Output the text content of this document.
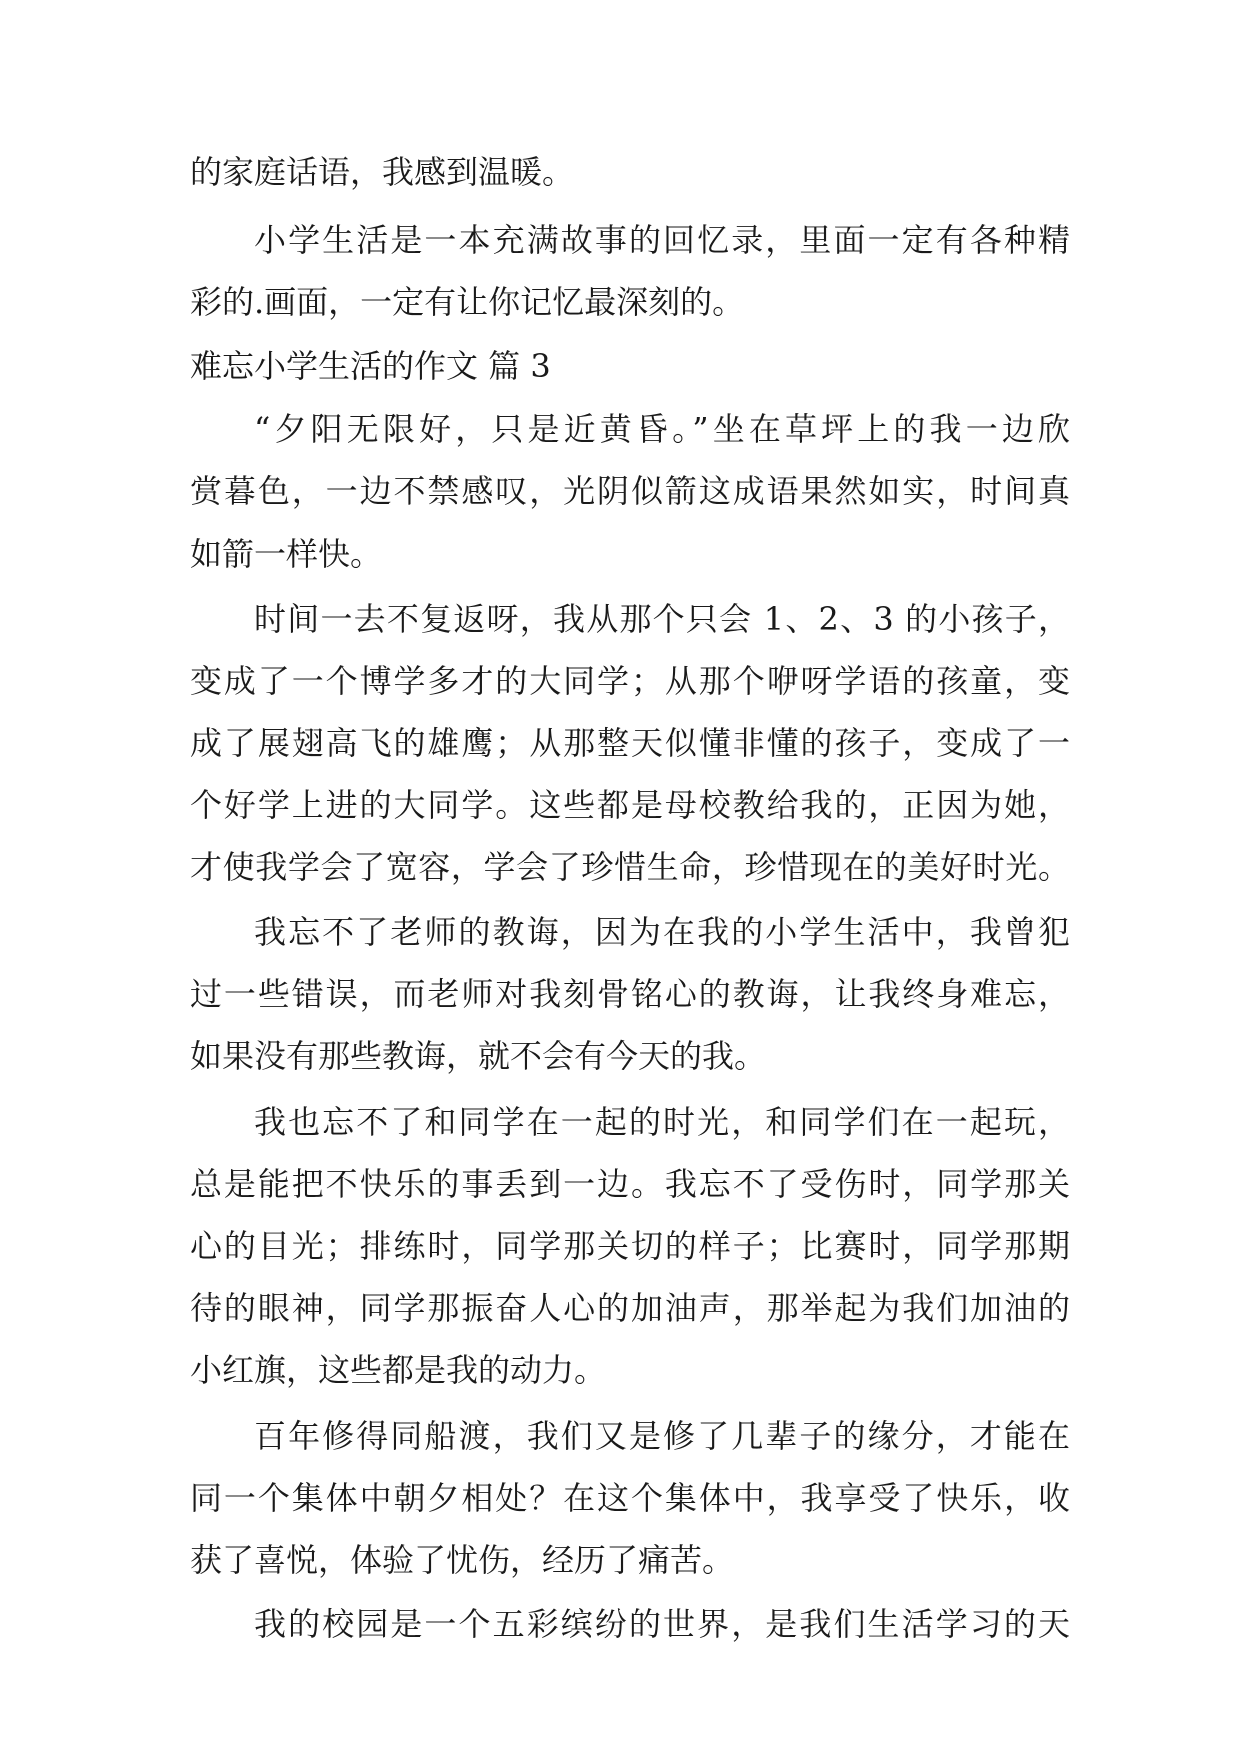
的家庭话语，我感到温暖。
小学生活是一本充满故事的回忆录，里面一定有各种精
彩的.画面，一定有让你记忆最深刻的。
难忘小学生活的作文 篇 3
“夕阳无限好，只是近黄昏。”坐在草坪上的我一边欣
赏暮色，一边不禁感叹，光阴似箭这成语果然如实，时间真
如箭一样快。
时间一去不复返呀，我从那个只会 1、2、3 的小孩子，
变成了一个博学多才的大同学；从那个咿呀学语的孩童，变
成了展翅高飞的雄鹰；从那整天似懂非懂的孩子，变成了一
个好学上进的大同学。这些都是母校教给我的，正因为她，
才使我学会了宽容，学会了珍惜生命，珍惜现在的美好时光。
我忘不了老师的教诲，因为在我的小学生活中，我曾犯
过一些错误，而老师对我刻骨铭心的教诲，让我终身难忘，
如果没有那些教诲，就不会有今天的我。
我也忘不了和同学在一起的时光，和同学们在一起玩，
总是能把不快乐的事丢到一边。我忘不了受伤时，同学那关
心的目光；排练时，同学那关切的样子；比赛时，同学那期
待的眼神，同学那振奋人心的加油声，那举起为我们加油的
小红旗，这些都是我的动力。
百年修得同船渡，我们又是修了几辈子的缘分，才能在
同一个集体中朝夕相处？在这个集体中，我享受了快乐，收
获了喜悦，体验了忧伤，经历了痛苦。
我的校园是一个五彩缤纷的世界，是我们生活学习的天
